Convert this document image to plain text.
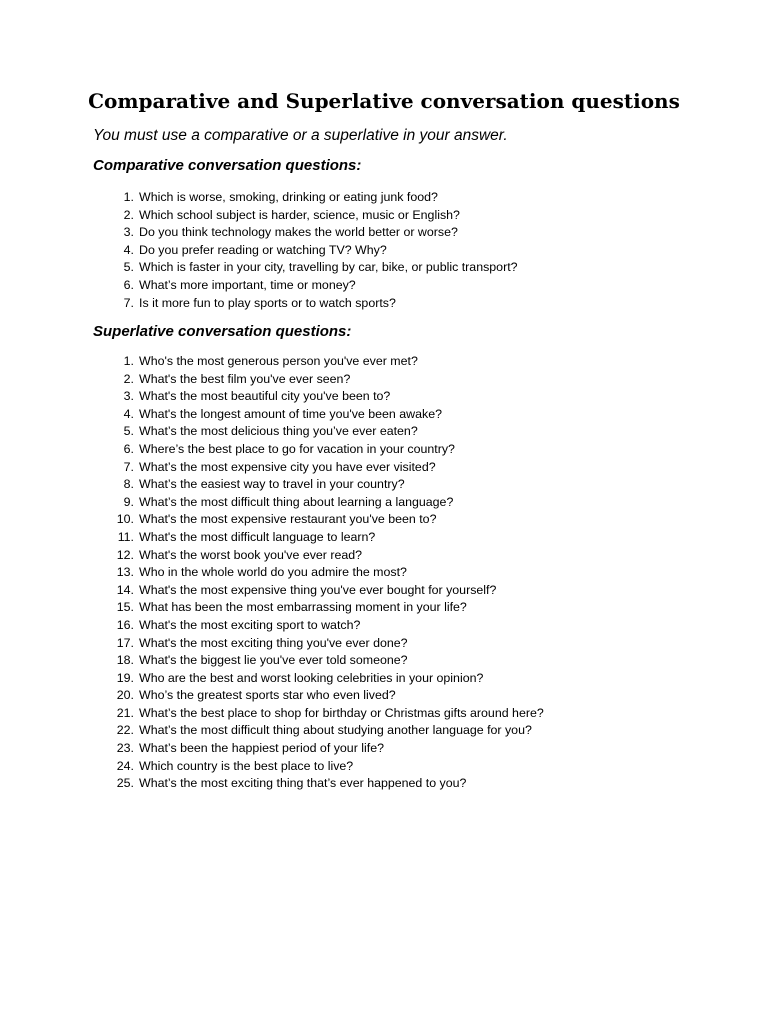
Comparative and Superlative conversation questions

You must use a comparative or a superlative in your answer.

Comparative conversation questions:
1. Which is worse, smoking, drinking or eating junk food?
2. Which school subject is harder, science, music or English?
3. Do you think technology makes the world better or worse?
4. Do you prefer reading or watching TV? Why?
5. Which is faster in your city, travelling by car, bike, or public transport?
6. What’s more important, time or money?
7. Is it more fun to play sports or to watch sports?
Superlative conversation questions:
1. Who's the most generous person you've ever met?
2. What's the best film you've ever seen?
3. What's the most beautiful city you've been to?
4. What's the longest amount of time you've been awake?
5. What’s the most delicious thing you’ve ever eaten?
6. Where’s the best place to go for vacation in your country?
7. What’s the most expensive city you have ever visited?
8. What’s the easiest way to travel in your country?
9. What’s the most difficult thing about learning a language?
10. What's the most expensive restaurant you've been to?
11. What's the most difficult language to learn?
12. What's the worst book you've ever read?
13. Who in the whole world do you admire the most?
14. What's the most expensive thing you've ever bought for yourself?
15. What has been the most embarrassing moment in your life?
16. What's the most exciting sport to watch?
17. What's the most exciting thing you've ever done?
18. What's the biggest lie you've ever told someone?
19. Who are the best and worst looking celebrities in your opinion?
20. Who’s the greatest sports star who even lived?
21. What’s the best place to shop for birthday or Christmas gifts around here?
22. What’s the most difficult thing about studying another language for you?
23. What’s been the happiest period of your life?
24. Which country is the best place to live?
25. What’s the most exciting thing that’s ever happened to you?
